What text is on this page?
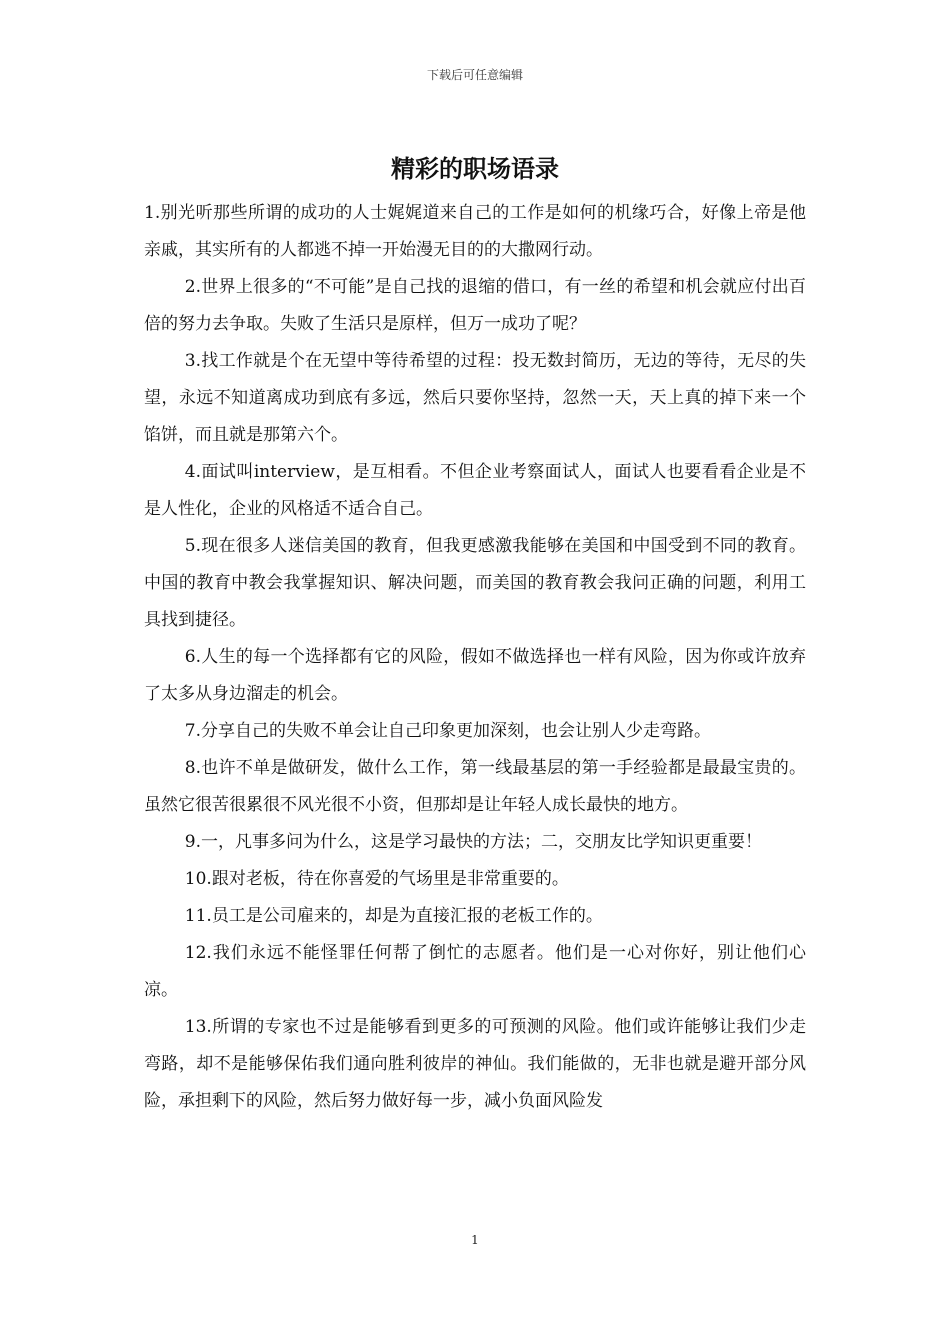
下载后可任意编辑
精彩的职场语录

1.别光听那些所谓的成功的人士娓娓道来自己的工作是如何的机缘巧合，好像上帝是他亲戚，其实所有的人都逃不掉一开始漫无目的的大撒网行动。

2.世界上很多的“不可能”是自己找的退缩的借口，有一丝的希望和机会就应付出百倍的努力去争取。失败了生活只是原样，但万一成功了呢？

3.找工作就是个在无望中等待希望的过程：投无数封简历，无边的等待，无尽的失望，永远不知道离成功到底有多远，然后只要你坚持，忽然一天，天上真的掉下来一个馅饼，而且就是那第六个。

4.面试叫interview，是互相看。不但企业考察面试人，面试人也要看看企业是不是人性化，企业的风格适不适合自己。

5.现在很多人迷信美国的教育，但我更感激我能够在美国和中国受到不同的教育。中国的教育中教会我掌握知识、解决问题，而美国的教育教会我问正确的问题，利用工具找到捷径。

6.人生的每一个选择都有它的风险，假如不做选择也一样有风险，因为你或许放弃了太多从身边溜走的机会。

7.分享自己的失败不单会让自己印象更加深刻，也会让别人少走弯路。

8.也许不单是做研发，做什么工作，第一线最基层的第一手经验都是最最宝贵的。虽然它很苦很累很不风光很不小资，但那却是让年轻人成长最快的地方。

9.一，凡事多问为什么，这是学习最快的方法；二，交朋友比学知识更重要！

10.跟对老板，待在你喜爱的气场里是非常重要的。

11.员工是公司雇来的，却是为直接汇报的老板工作的。

12.我们永远不能怪罪任何帮了倒忙的志愿者。他们是一心对你好，别让他们心凉。

13.所谓的专家也不过是能够看到更多的可预测的风险。他们或许能够让我们少走弯路，却不是能够保佑我们通向胜利彼岸的神仙。我们能做的，无非也就是避开部分风险，承担剩下的风险，然后努力做好每一步，减小负面风险发

1
